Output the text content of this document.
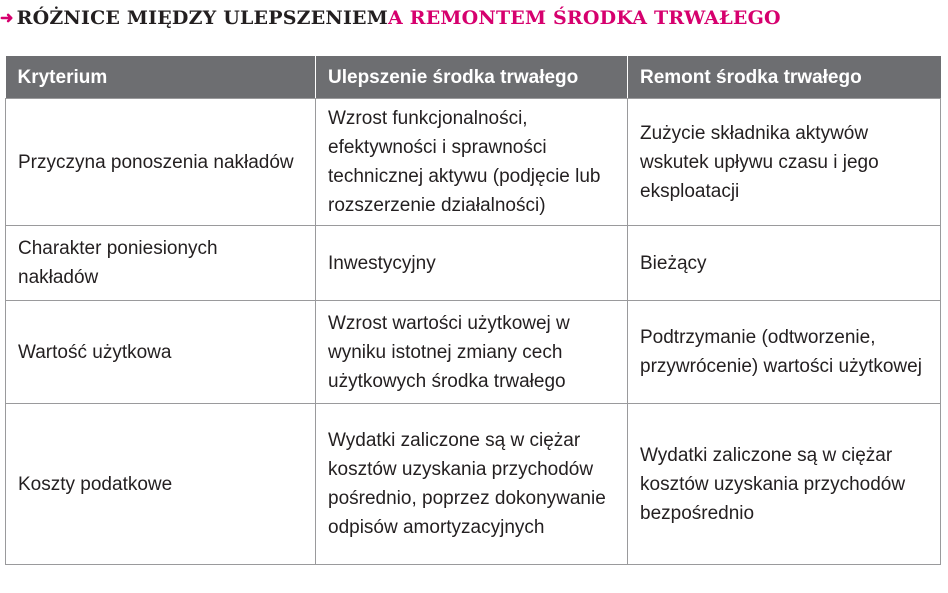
➜ RÓŻNICE MIĘDZY ULEPSZENIEM A REMONTEM ŚRODKA TRWAŁEGO
Kryterium	Ulepszenie środka trwałego	Remont środka trwałego
Przyczyna ponoszenia nakładów	Wzrost funkcjonalności, efektywności i sprawności technicznej aktywu (podjęcie lub rozszerzenie działalności)	Zużycie składnika aktywów wskutek upływu czasu i jego eksploatacji
Charakter poniesionych nakładów	Inwestycyjny	Bieżący
Wartość użytkowa	Wzrost wartości użytkowej w wyniku istotnej zmiany cech użytkowych środka trwałego	Podtrzymanie (odtworzenie, przywrócenie) wartości użytkowej
Koszty podatkowe	Wydatki zaliczone są w ciężar kosztów uzyskania przychodów pośrednio, poprzez dokonywanie odpisów amortyzacyjnych	Wydatki zaliczone są w ciężar kosztów uzyskania przychodów bezpośrednio
